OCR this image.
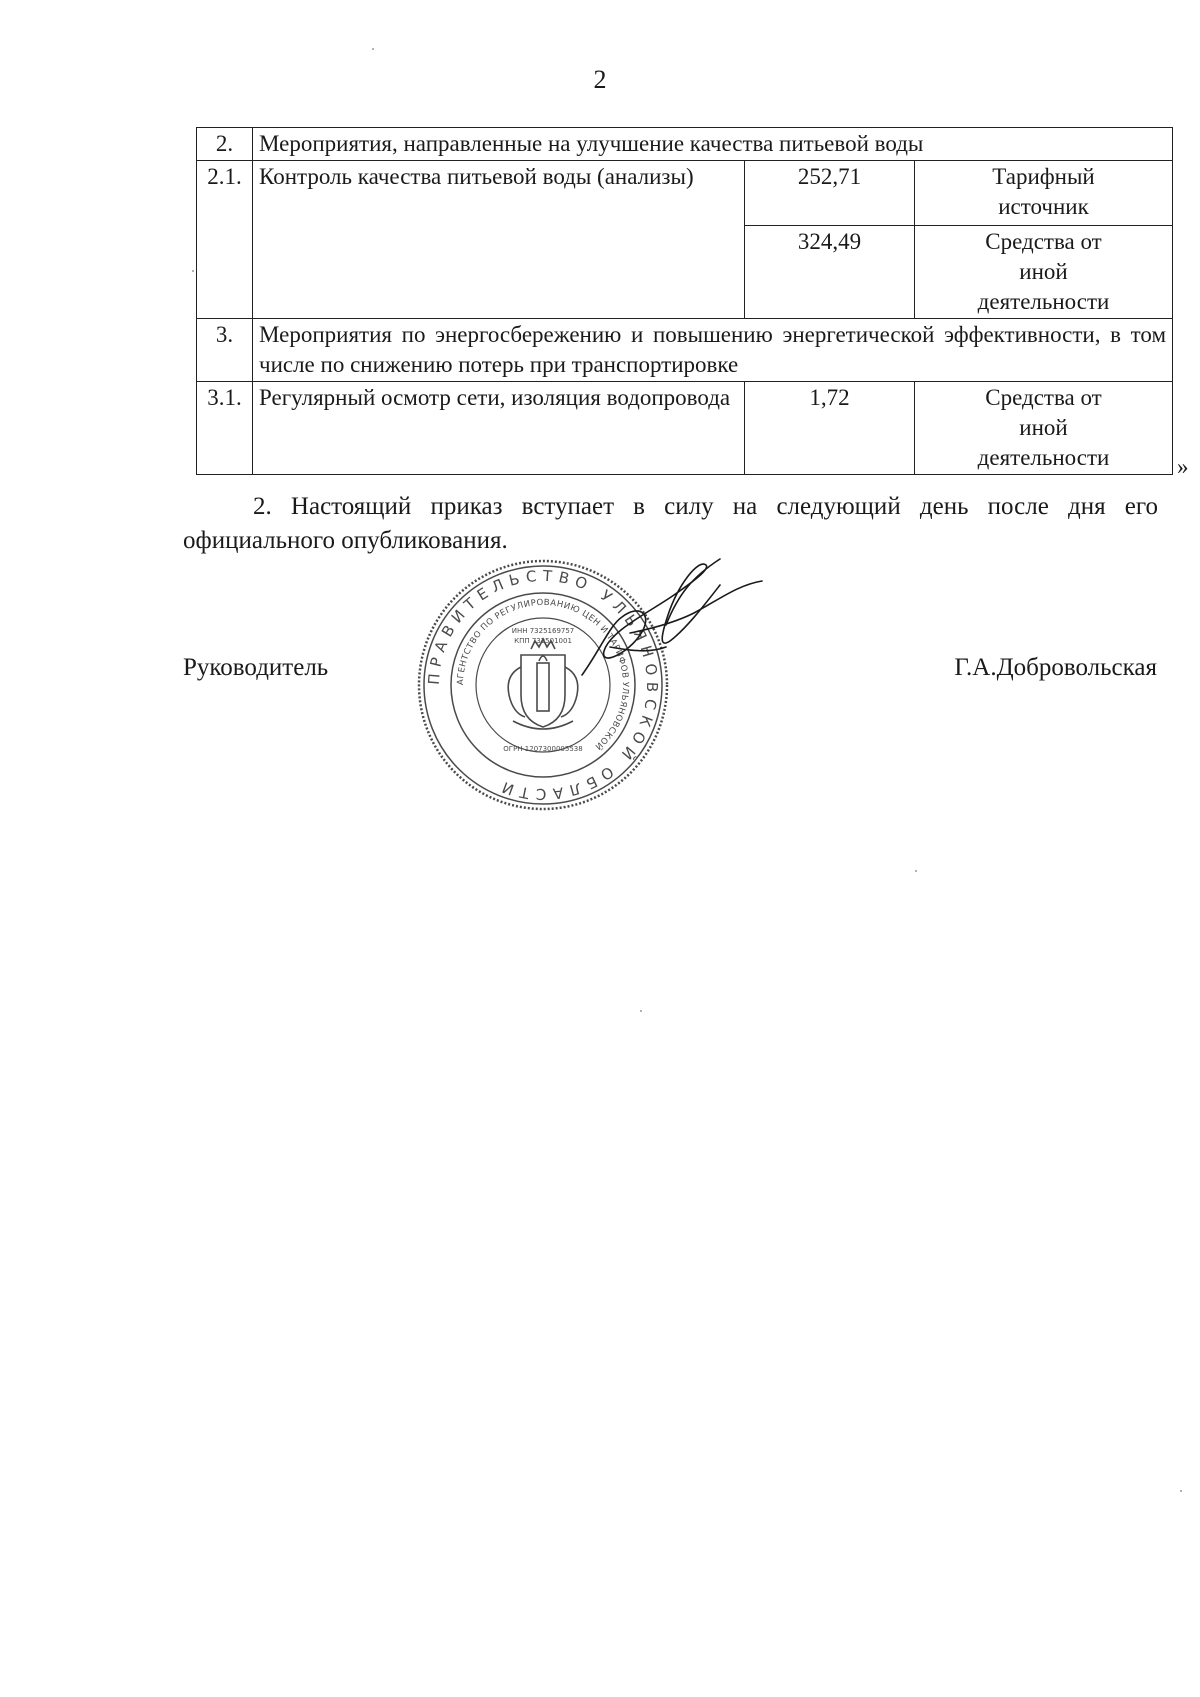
2
2.	Мероприятия, направленные на улучшение качества питьевой воды		
2.1.	Контроль качества питьевой воды (анализы)	252,71	Тарифный источник

		324,49	Средства от иной деятельности

3.	Мероприятия по энергосбережению и повышению энергетической эффективности, в том числе по снижению потерь при транспортировке		
3.1.	Регулярный осмотр сети, изоляция водопровода	1,72	Средства от иной деятельности	»
2. Настоящий приказ вступает в силу на следующий день после дня его официального опубликования.
Руководитель	Г.А.Добровольская
ПРАВИТЕЛЬСТВО УЛЬЯНОВСКОЙ ОБЛАСТИ
АГЕНТСТВО ПО РЕГУЛИРОВАНИЮ ЦЕН И ТАРИФОВ УЛЬЯНОВСКОЙ
ИНН 7325169757
КПП 732501001
ОГРН 1207300005538
